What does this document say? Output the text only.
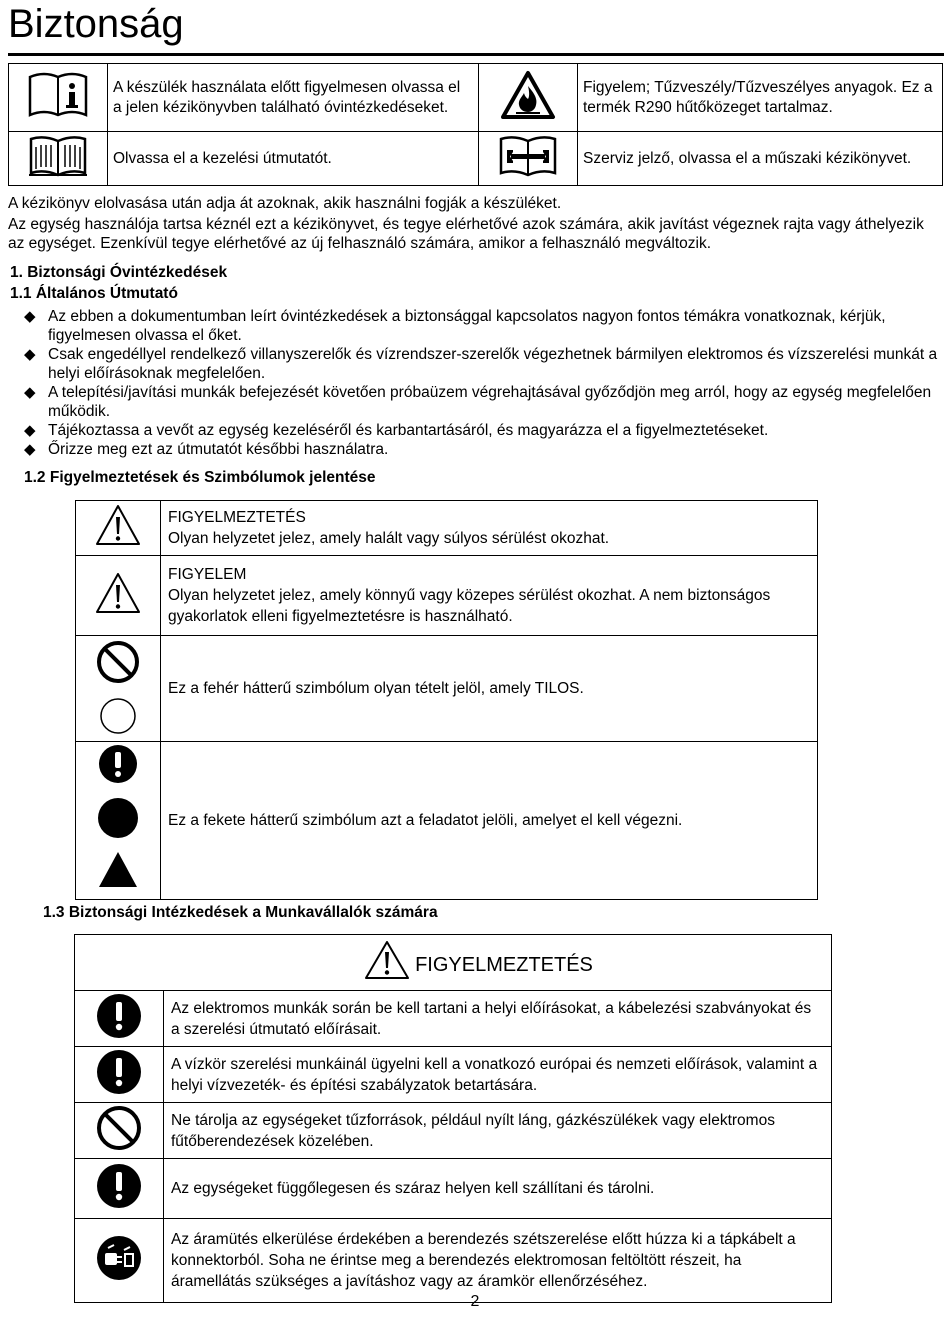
Biztonság
	A készülék használata előtt figyelmesen olvassa el a jelen kézikönyvben található óvintézkedéseket.		Figyelem; Tűzveszély/Tűzveszélyes anyagok. Ez a termék R290 hűtőközeget tartalmaz.
	Olvassa el a kezelési útmutatót.		Szerviz jelző, olvassa el a műszaki kézikönyvet.

A kézikönyv elolvasása után adja át azoknak, akik használni fogják a készüléket.

Az egység használója tartsa kéznél ezt a kézikönyvet, és tegye elérhetővé azok számára, akik javítást végeznek rajta vagy áthelyezik az egységet. Ezenkívül tegye elérhetővé az új felhasználó számára, amikor a felhasználó megváltozik.

1. Biztonsági Óvintézkedések

1.1 Általános Útmutató

◆ Az ebben a dokumentumban leírt óvintézkedések a biztonsággal kapcsolatos nagyon fontos témákra vonatkoznak, kérjük, figyelmesen olvassa el őket.
◆ Csak engedéllyel rendelkező villanyszerelők és vízrendszer-szerelők végezhetnek bármilyen elektromos és vízszerelési munkát a helyi előírásoknak megfelelően.
◆ A telepítési/javítási munkák befejezését követően próbaüzem végrehajtásával győződjön meg arról, hogy az egység megfelelően működik.
◆ Tájékoztassa a vevőt az egység kezeléséről és karbantartásáról, és magyarázza el a figyelmeztetéseket.
◆ Őrizze meg ezt az útmutatót későbbi használatra.

1.2 Figyelmeztetések és Szimbólumok jelentése

FIGYELMEZTETÉS
Olyan helyzetet jelez, amely halált vagy súlyos sérülést okozhat.

FIGYELEM
Olyan helyzetet jelez, amely könnyű vagy közepes sérülést okozhat. A nem biztonságos gyakorlatok elleni figyelmeztetésre is használható.

	Ez a fehér hátterű szimbólum olyan tételt jelöl, amely TILOS.
	Ez a fekete hátterű szimbólum azt a feladatot jelöli, amelyet el kell végezni.

1.3 Biztonsági Intézkedések a Munkavállalók számára

FIGYELMEZTETÉS	

	Az elektromos munkák során be kell tartani a helyi előírásokat, a kábelezési szabványokat és a szerelési útmutató előírásait.
	A vízkör szerelési munkáinál ügyelni kell a vonatkozó európai és nemzeti előírások, valamint a helyi vízvezeték- és építési szabályzatok betartására.
	Ne tárolja az egységeket tűzforrások, például nyílt láng, gázkészülékek vagy elektromos fűtőberendezések közelében.
	Az egységeket függőlegesen és száraz helyen kell szállítani és tárolni.
	Az áramütés elkerülése érdekében a berendezés szétszerelése előtt húzza ki a tápkábelt a konnektorból. Soha ne érintse meg a berendezés elektromosan feltöltött részeit, ha áramellátás szükséges a javításhoz vagy az áramkör ellenőrzéséhez.
2
